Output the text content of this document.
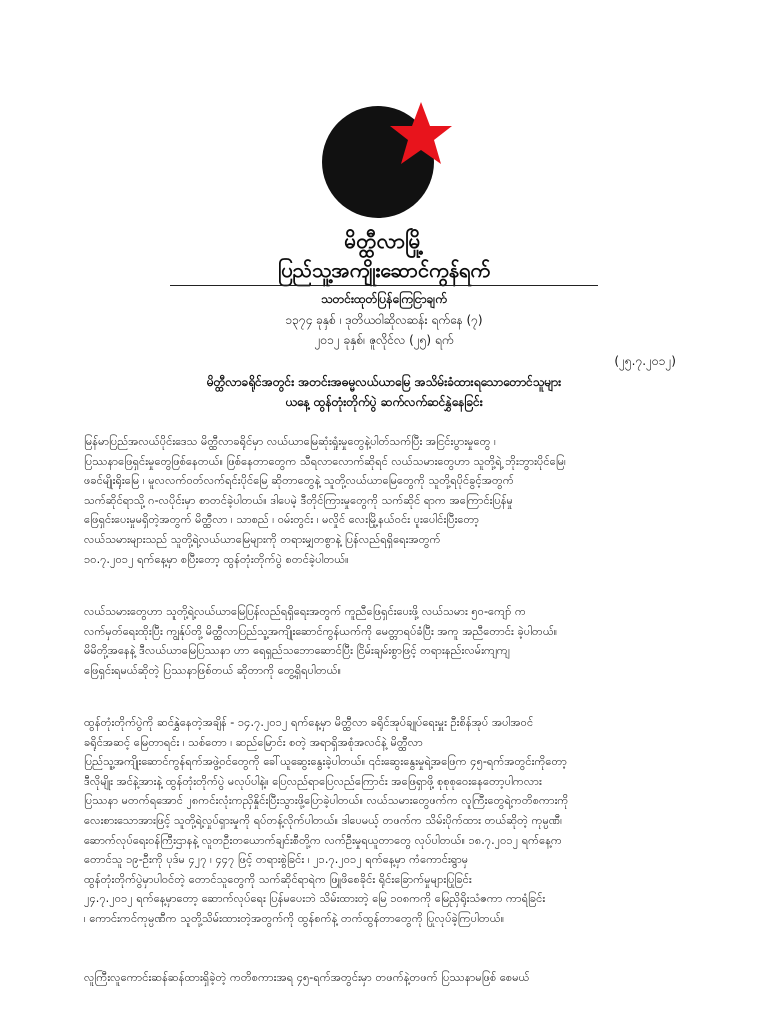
မိတ္ထီလာမြို့
ပြည်သူ့အကျိုးဆောင်ကွန်ရက်
သတင်းထုတ်ပြန်ကြေငြာချက်
၁၃၇၄ ခုနှစ် ၊ ဒုတိယဝါဆိုလဆန်း ရက်နေ (၇)
၂၀၁၂ ခုနှစ်၊ ဇူလိုင်လ (၂၅) ရက်
(၂၅.၇.၂၀၁၂)
မိတ္ထီလာခရိုင်အတွင်း အတင်းအဓမ္မလယ်ယာမြေ အသိမ်းခံထားရသောတောင်သူများ
ယနေ့ ထွန်တုံးတိုက်ပွဲ ဆက်လက်ဆင်နွှဲနေခြင်း
မြန်မာပြည်အလယ်ပိုင်းဒေသ မိတ္ထီလာခရိုင်မှာ လယ်ယာမြေဆုံးရှုံးမှုတွေနဲ့ပါတ်သက်ပြီး အငြင်းပွားမှုတွေ ၊
ပြဿနာဖြေရှင်းမှုတွေဖြစ်နေတယ်။ ဖြစ်နေတာတွေက သီရလာလောက်ဆိုရင် လယ်သမားတွေဟာ သူတို့ရဲ့ ဘိုးဘွားပိုင်မြေ၊
ဖခင်မျိုးရိုးမြေ ၊ မူလလက်ဝတ်လက်ရင်းပိုင်မြေ ဆိုတာတွေနဲ့ သူတို့လယ်ယာမြေတွေကို သူတို့ရပိုင်ခွင့်အတွက်
သက်ဆိုင်ရာသို့ ဂ-လပိုင်းမှာ စာတင်ခဲ့ပါတယ်။ ဒါပေမဲ့ ဒီတိုင်ကြားမှုတွေကို သက်ဆိုင် ရာက အကြောင်းပြန်မှု
ဖြေရှင်းပေးမှုမရှိတဲ့အတွက် မိတ္ထီလာ ၊ သာစည် ၊ ဝမ်းတွင်း ၊ မလှိုင် လေးမြို့နယ်ဝင်း ပူးပေါင်းပြီးတော့
လယ်သမားများသည် သူတို့ရဲ့လယ်ယာမြေများကို တရားမျှတစွာနဲ့ ပြန်လည်ရရှိရေးအတွက်
၁၀.၇.၂၀၁၂ ရက်နေ့မှာ စပြီးတော့ ထွန်တုံးတိုက်ပွဲ စတင်ခဲ့ပါတယ်။
လယ်သမားတွေဟာ သူတို့ရဲ့လယ်ယာမြေပြန်လည်ရရှိရေးအတွက် ကူညီဖြေရှင်းပေးဖို့ လယ်သမား ၅၀-ကျော် က
လက်မှတ်ရေးထိုးပြီး ကျွန်ုပ်တို့ မိတ္ထီလာပြည်သူ့အကျိုးဆောင်ကွန်ယက်ကို မေတ္တာရပ်ခံပြီး အကူ အညီတောင်း ခဲ့ပါတယ်။
မိမိတို့အနေနဲ့ ဒီလယ်ယာမြေပြဿနာ ဟာ ရေရှည်သဘောဆောင်ပြီး ငြိမ်းချမ်းစွာဖြင့် တရားနည်းလမ်းကျကျ
ဖြေရှင်းရမယ်ဆိုတဲ့ ပြဿနာဖြစ်တယ် ဆိုတာကို တွေ့ရှိရပါတယ်။
ထွန်တုံးတိုက်ပွဲကို ဆင်နွှဲနေတဲ့အချိန် - ၁၄.၇.၂၀၁၂ ရက်နေ့မှာ မိတ္ထီလာ ခရိုင်အုပ်ချုပ်ရေးမှူး ဦးစိန်အုပ် အပါအဝင်
ခရိုင်အဆင့် မြေတာရင်း ၊ သစ်တော ၊ ဆည်မြောင်း စတဲ့ အရာရှိအစုံအလင်နဲ့ မိတ္ထီလာ
ပြည်သူ့အကျိုးဆောင်ကွန်ရက်အဖွဲ့ဝင်တွေကို ခေါ်ယူဆွေးနွေးခဲ့ပါတယ်။ ၎င်းဆွေးနွေးမှုရဲ့အဖြေက ၄၅-ရက်အတွင်းကိုတော့
ဒီလိုမျိုး အင်နဲ့အားနဲ့ ထွန်တုံးတိုက်ပွဲ မလုပ်ပါနဲ့။ ပြေလည်ရာပြေလည်ကြောင်း အဖြေရှာဖို့ စုစုစုဝေးနေတော့ပါကလား
ပြဿနာ မတက်ရအောင် ၂၈ကင်းလုံးကညှိနှိုင်းပြီးသွားဖို့ပြောခဲ့ပါတယ်။ လယ်သမားတွေဖက်က လူကြီးတွေရဲ့ကတိစကားကို
လေးစားသောအားဖြင့် သူတို့ရဲ့လှုပ်ရှားမှုကို ရပ်တန့်လိုက်ပါတယ်။ ဒါပေမယ့် တဖက်က သိမ်းပိုက်ထား တယ်ဆိုတဲ့ ကုမ္ပဏီ၊
ဆောက်လုပ်ရေးဝန်ကြီးဌာနနဲ့ လူတဦးတယောက်ချင်းစီတို့က လက်ဦးမှုရယူတာတွေ လုပ်ပါတယ်။ ၁၈.၇.၂၀၁၂ ရက်နေ့က
တောင်သူ ၁၉-ဦးကို ပုဒ်မ ၄၂၇ ၊ ၄၄၇ ဖြင့် တရားစွဲခြင်း ၊ ၂၁.၇.၂၀၁၂ ရက်နေ့မှာ ကံကောင်းရွာမှ
ထွန်တုံးတိုက်ပွဲမှာပါဝင်တဲ့ တောင်သူတွေကို သက်ဆိုင်ရာရဲက ဖြူဖိစေခိုင်း ရိုင်းခြောက်မှုများပြုခြင်း
၂၄.၇.၂၀၁၂ ရက်နေ့မှာတော့ ဆောက်လုပ်ရေး ပြန်မပေးဘဲ သိမ်းထားတဲ့ မြေ ၁၀၈ကကို မြေညှိရိုးသံဇကာ ကာရံခြင်း
၊ ကောင်းကင်ကုမ္ပဏီက သူတို့သိမ်းထားတဲ့အတွက်ကို ထွန်စက်နဲ့ တက်ထွန်တာတွေကို ပြုလုပ်ခဲ့ကြပါတယ်။
လူကြီးလူကောင်းဆန်ဆန်ထားရှိခဲ့တဲ့ ကတိစကားအရ ၄၅-ရက်အတွင်းမှာ တဖက်နဲ့တဖက် ပြဿနာမဖြစ် စေမယ်
